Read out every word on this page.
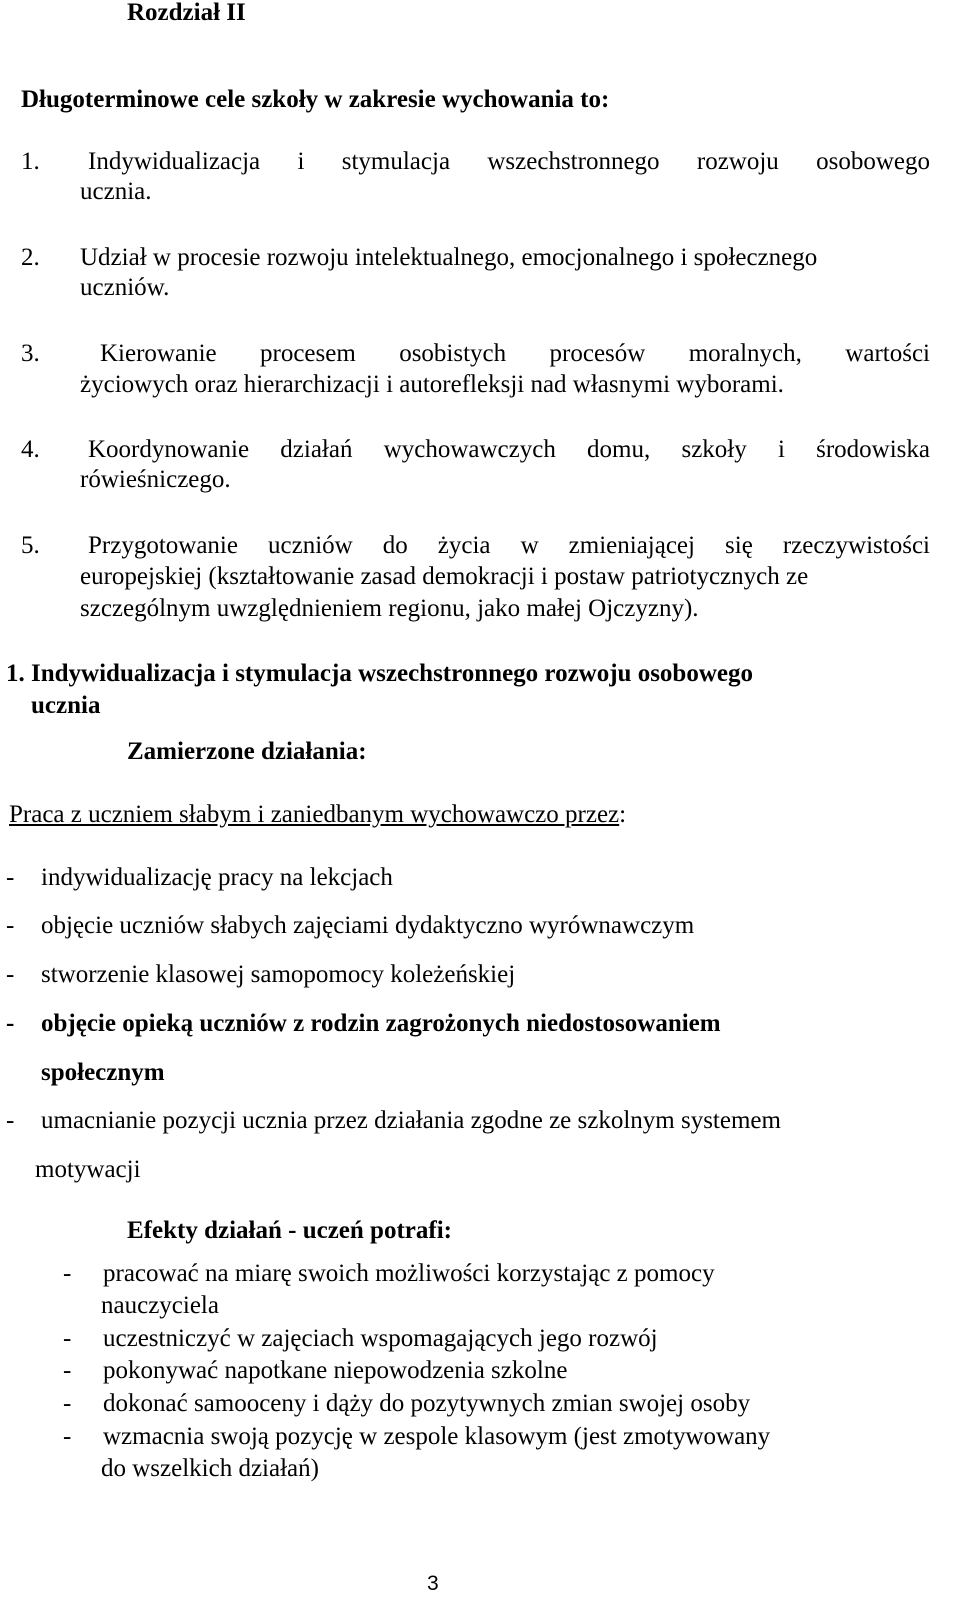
Rozdział II
Długoterminowe cele szkoły w zakresie wychowania to:
1. Indywidualizacja i stymulacja wszechstronnego rozwoju osobowego
ucznia.
2. Udział w procesie rozwoju intelektualnego, emocjonalnego i społecznego
uczniów.
3. Kierowanie procesem osobistych procesów moralnych, wartości
życiowych oraz hierarchizacji i autorefleksji nad własnymi wyborami.
4. Koordynowanie działań wychowawczych domu, szkoły i środowiska
rówieśniczego.
5. Przygotowanie uczniów do życia w zmieniającej się rzeczywistości
europejskiej (kształtowanie zasad demokracji i postaw patriotycznych ze
szczególnym uwzględnieniem regionu, jako małej Ojczyzny).
1. Indywidualizacja i stymulacja wszechstronnego rozwoju osobowego
ucznia
Zamierzone działania:
Praca z uczniem słabym i zaniedbanym wychowawczo przez:
- indywidualizację pracy na lekcjach
- objęcie uczniów słabych zajęciami dydaktyczno wyrównawczym
- stworzenie klasowej samopomocy koleżeńskiej
- objęcie opieką uczniów z rodzin zagrożonych niedostosowaniem
społecznym
- umacnianie pozycji ucznia przez działania zgodne ze szkolnym systemem
motywacji
Efekty działań - uczeń potrafi:
- pracować na miarę swoich możliwości korzystając z pomocy
nauczyciela
- uczestniczyć w zajęciach wspomagających jego rozwój
- pokonywać napotkane niepowodzenia szkolne
- dokonać samooceny i dąży do pozytywnych zmian swojej osoby
- wzmacnia swoją pozycję w zespole klasowym (jest zmotywowany
do wszelkich działań)
3
